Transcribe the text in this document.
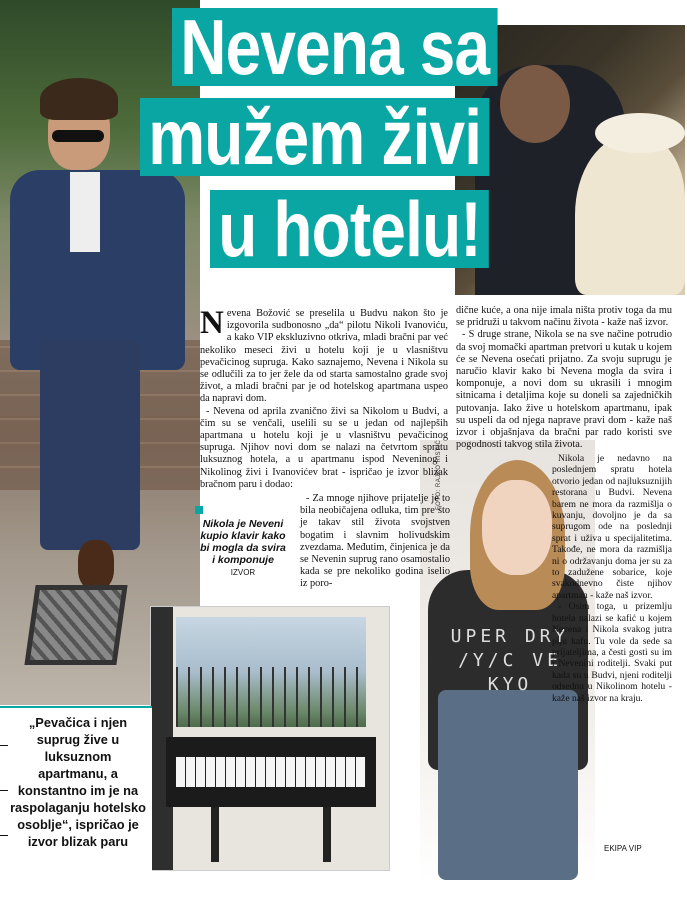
UPER DRY /Y/C VE KYO
FOTO: RAJKO RISTIĆ
Nevena sa
mužem živi
u hotelu!
N evena Božović se preselila u Budvu nakon što je izgovorila sudbonosno „da“ pilotu Nikoli Ivanoviću, a kako VIP ekskluzivno otkriva, mladi bračni par već nekoliko meseci živi u hotelu koji je u vlasništvu pevačicinog supruga. Kako saznajemo, Nevena i Nikola su se odlučili za to jer žele da od starta samostalno grade svoj život, a mladi bračni par je od hotelskog apartmana uspeo da napravi dom.

- Nevena od aprila zvanično živi sa Nikolom u Budvi, a čim su se venčali, uselili su se u jedan od najlepših apartmana u hotelu koji je u vlasništvu pevačicinog supruga. Njihov novi dom se nalazi na četvrtom spratu luksuznog hotela, a u apartmanu ispod Neveninog i Nikolinog živi i Ivanovićev brat - ispričao je izvor blizak bračnom paru i dodao:

- Za mnoge njihove prijatelje je to bila neobičajena odluka, tim pre što je takav stil života svojstven bogatim i slavnim holivudskim zvezdama. Međutim, činjenica je da se Nevenin suprug rano osamostalio kada se pre nekoliko godina iselio iz poro-

Nikola je Neveni kupio klavir kako bi mogla da svira i komponuje
IZVOR

dične kuće, a ona nije imala ništa protiv toga da mu se pridruži u takvom načinu života - kaže naš izvor.

- S druge strane, Nikola se na sve načine potrudio da svoj momački apartman pretvori u kutak u kojem će se Nevena osećati prijatno. Za svoju suprugu je naručio klavir kako bi Nevena mogla da svira i komponuje, a novi dom su ukrasili i mnogim sitnicama i detaljima koje su doneli sa zajedničkih putovanja. Iako žive u hotelskom apartmanu, ipak su uspeli da od njega naprave pravi dom - kaže naš izvor i objašnjava da bračni par rado koristi sve pogodnosti takvog stila života.

Nikola je nedavno na poslednjem spratu hotela otvorio jedan od najluksuznijih restorana u Budvi. Nevena barem ne mora da razmišlja o kuvanju, dovoljno je da sa suprugom ode na poslednji sprat i uživa u specijalitetima. Takođe, ne mora da razmišlja ni o održavanju doma jer su za to zadužene sobarice, koje svakodnevno čiste njihov apartman - kaže naš izvor.

- Osim toga, u prizemlju hotela nalazi se kafić u kojem Nevena i Nikola svakog jutra piju kafu. Tu vole da sede sa prijateljima, a česti gosti su im i Nevenini roditelji. Svaki put kada su u Budvi, njeni roditelji odsednu u Nikolinom hotelu - kaže naš izvor na kraju.

EKIPA VIP
„Pevačica i njen suprug žive u luksuznom apartmanu, a konstantno im je na raspolaganju hotelsko osoblje“, ispričao je izvor blizak paru
